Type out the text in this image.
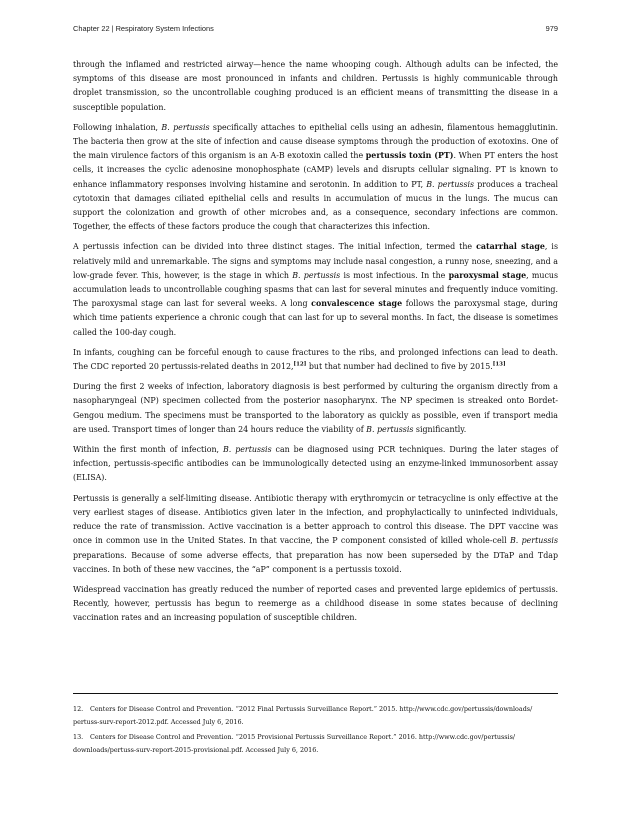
Chapter 22 | Respiratory System Infections	979

through the inflamed and restricted airway—hence the name whooping cough. Although adults can be infected, the symptoms of this disease are most pronounced in infants and children. Pertussis is highly communicable through droplet transmission, so the uncontrollable coughing produced is an efficient means of transmitting the disease in a susceptible population.

Following inhalation, B. pertussis specifically attaches to epithelial cells using an adhesin, filamentous hemagglutinin. The bacteria then grow at the site of infection and cause disease symptoms through the production of exotoxins. One of the main virulence factors of this organism is an A-B exotoxin called the pertussis toxin (PT). When PT enters the host cells, it increases the cyclic adenosine monophosphate (cAMP) levels and disrupts cellular signaling. PT is known to enhance inflammatory responses involving histamine and serotonin. In addition to PT, B. pertussis produces a tracheal cytotoxin that damages ciliated epithelial cells and results in accumulation of mucus in the lungs. The mucus can support the colonization and growth of other microbes and, as a consequence, secondary infections are common. Together, the effects of these factors produce the cough that characterizes this infection.

A pertussis infection can be divided into three distinct stages. The initial infection, termed the catarrhal stage, is relatively mild and unremarkable. The signs and symptoms may include nasal congestion, a runny nose, sneezing, and a low-grade fever. This, however, is the stage in which B. pertussis is most infectious. In the paroxysmal stage, mucus accumulation leads to uncontrollable coughing spasms that can last for several minutes and frequently induce vomiting. The paroxysmal stage can last for several weeks. A long convalescence stage follows the paroxysmal stage, during which time patients experience a chronic cough that can last for up to several months. In fact, the disease is sometimes called the 100-day cough.

In infants, coughing can be forceful enough to cause fractures to the ribs, and prolonged infections can lead to death. The CDC reported 20 pertussis-related deaths in 2012,[12] but that number had declined to five by 2015.[13]

During the first 2 weeks of infection, laboratory diagnosis is best performed by culturing the organism directly from a nasopharyngeal (NP) specimen collected from the posterior nasopharynx. The NP specimen is streaked onto Bordet-Gengou medium. The specimens must be transported to the laboratory as quickly as possible, even if transport media are used. Transport times of longer than 24 hours reduce the viability of B. pertussis significantly.

Within the first month of infection, B. pertussis can be diagnosed using PCR techniques. During the later stages of infection, pertussis-specific antibodies can be immunologically detected using an enzyme-linked immunosorbent assay (ELISA).

Pertussis is generally a self-limiting disease. Antibiotic therapy with erythromycin or tetracycline is only effective at the very earliest stages of disease. Antibiotics given later in the infection, and prophylactically to uninfected individuals, reduce the rate of transmission. Active vaccination is a better approach to control this disease. The DPT vaccine was once in common use in the United States. In that vaccine, the P component consisted of killed whole-cell B. pertussis preparations. Because of some adverse effects, that preparation has now been superseded by the DTaP and Tdap vaccines. In both of these new vaccines, the “aP” component is a pertussis toxoid.

Widespread vaccination has greatly reduced the number of reported cases and prevented large epidemics of pertussis. Recently, however, pertussis has begun to reemerge as a childhood disease in some states because of declining vaccination rates and an increasing population of susceptible children.

12. Centers for Disease Control and Prevention. “2012 Final Pertussis Surveillance Report.” 2015. http://www.cdc.gov/pertussis/downloads/ pertuss-surv-report-2012.pdf. Accessed July 6, 2016.
13. Centers for Disease Control and Prevention. “2015 Provisional Pertussis Surveillance Report.” 2016. http://www.cdc.gov/pertussis/ downloads/pertuss-surv-report-2015-provisional.pdf. Accessed July 6, 2016.
